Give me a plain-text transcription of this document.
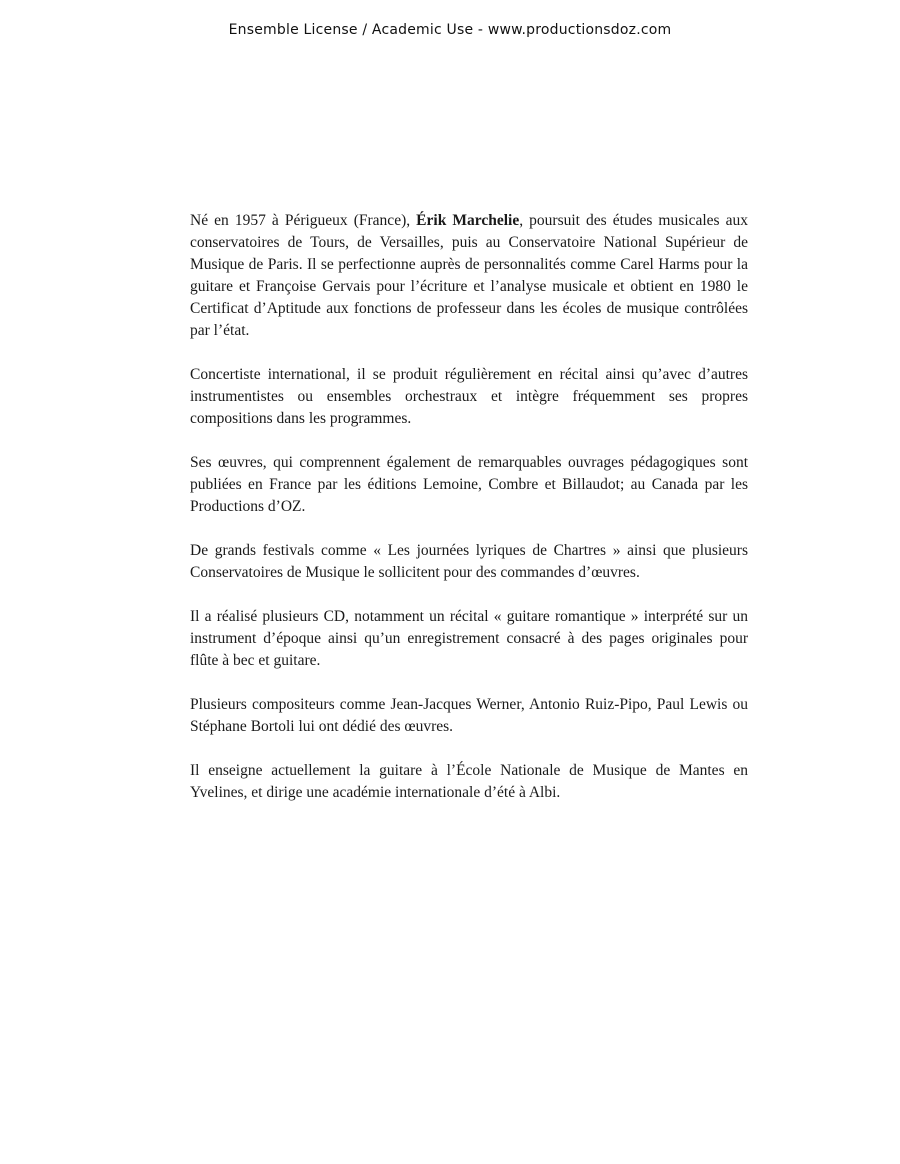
Ensemble License / Academic Use - www.productionsdoz.com

Né en 1957 à Périgueux (France), Érik Marchelie, poursuit des études musicales aux conservatoires de Tours, de Versailles, puis au Conservatoire National Supérieur de Musique de Paris. Il se perfectionne auprès de personnalités comme Carel Harms pour la guitare et Françoise Gervais pour l’écriture et l’analyse musicale et obtient en 1980 le Certificat d’Aptitude aux fonctions de professeur dans les écoles de musique contrôlées par l’état.

Concertiste international, il se produit régulièrement en récital ainsi qu’avec d’autres instrumentistes ou ensembles orchestraux et intègre fréquemment ses propres compositions dans les programmes.

Ses œuvres, qui comprennent également de remarquables ouvrages pédagogiques sont publiées en France par les éditions Lemoine, Combre et Billaudot; au Canada par les Productions d’OZ.

De grands festivals comme « Les journées lyriques de Chartres » ainsi que plusieurs Conservatoires de Musique le sollicitent pour des commandes d’œuvres.

Il a réalisé plusieurs CD, notamment un récital « guitare romantique » interprété sur un instrument d’époque ainsi qu’un enregistrement consacré à des pages originales pour flûte à bec et guitare.

Plusieurs compositeurs comme Jean-Jacques Werner, Antonio Ruiz-Pipo, Paul Lewis ou Stéphane Bortoli lui ont dédié des œuvres.

Il enseigne actuellement la guitare à l’École Nationale de Musique de Mantes en Yvelines, et dirige une académie internationale d’été à Albi.
